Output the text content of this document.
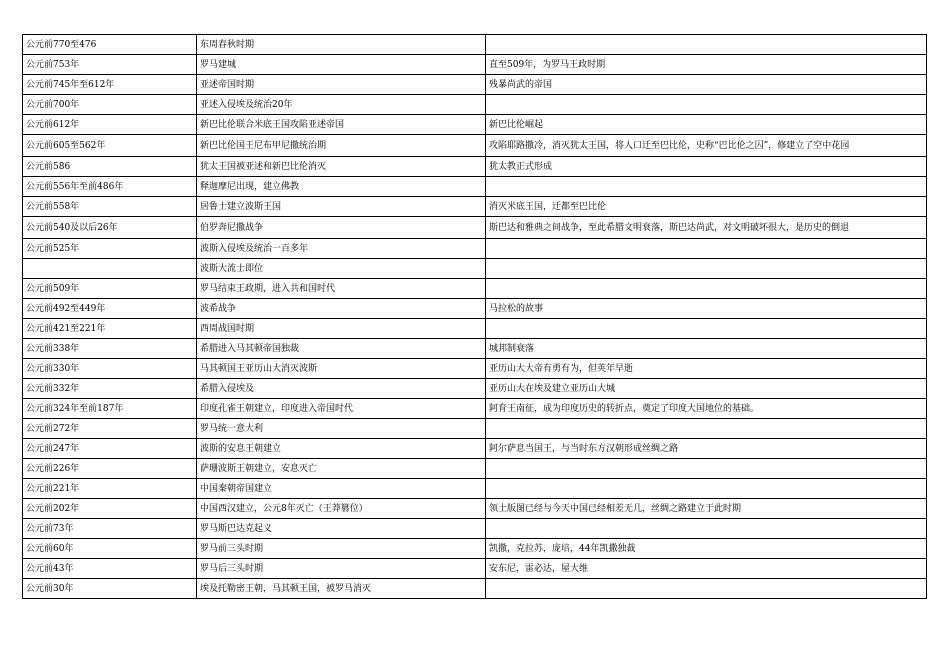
公元前770至476	东周春秋时期	
公元前753年	罗马建城	直至509年，为罗马王政时期
公元前745年至612年	亚述帝国时期	残暴尚武的帝国
公元前700年	亚述入侵埃及统治20年	
公元前612年	新巴比伦联合米底王国攻陷亚述帝国	新巴比伦崛起
公元前605至562年	新巴比伦国王尼布甲尼撒统治期	攻陷耶路撒冷，消灭犹太王国，将人口迁至巴比伦，史称“巴比伦之囚”，修建立了空中花园
公元前586	犹太王国被亚述和新巴比伦消灭	犹太教正式形成
公元前556年至前486年	释迦摩尼出现，建立佛教	
公元前558年	居鲁士建立波斯王国	消灭米底王国，迁都至巴比伦
公元前540及以后26年	伯罗奔尼撒战争	斯巴达和雅典之间战争，至此希腊文明衰落，斯巴达尚武，对文明破坏很大，是历史的倒退
公元前525年	波斯入侵埃及统治一百多年	
	波斯大流士即位	
公元前509年	罗马结束王政期，进入共和国时代	
公元前492至449年	波希战争	马拉松的故事
公元前421至221年	西周战国时期	
公元前338年	希腊进入马其顿帝国独裁	城邦制衰落
公元前330年	马其顿国王亚历山大消灭波斯	亚历山大大帝有勇有为，但英年早逝
公元前332年	希腊入侵埃及	亚历山大在埃及建立亚历山大城
公元前324年至前187年	印度孔雀王朝建立，印度进入帝国时代	阿育王南征，成为印度历史的转折点，奠定了印度大国地位的基础。
公元前272年	罗马统一意大利	
公元前247年	波斯的安息王朝建立	阿尔萨息当国王，与当时东方汉朝形成丝绸之路
公元前226年	萨珊波斯王朝建立，安息灭亡	
公元前221年	中国秦朝帝国建立	
公元前202年	中国西汉建立，公元8年灭亡（王莽篡位）	领土版图已经与今天中国已经相差无几，丝绸之路建立于此时期
公元前73年	罗马斯巴达克起义	
公元前60年	罗马前三头时期	凯撒，克拉苏，庞培，44年凯撒独裁
公元前43年	罗马后三头时期	安东尼，雷必达，屋大维
公元前30年	埃及托勒密王朝，马其顿王国，被罗马消灭	
